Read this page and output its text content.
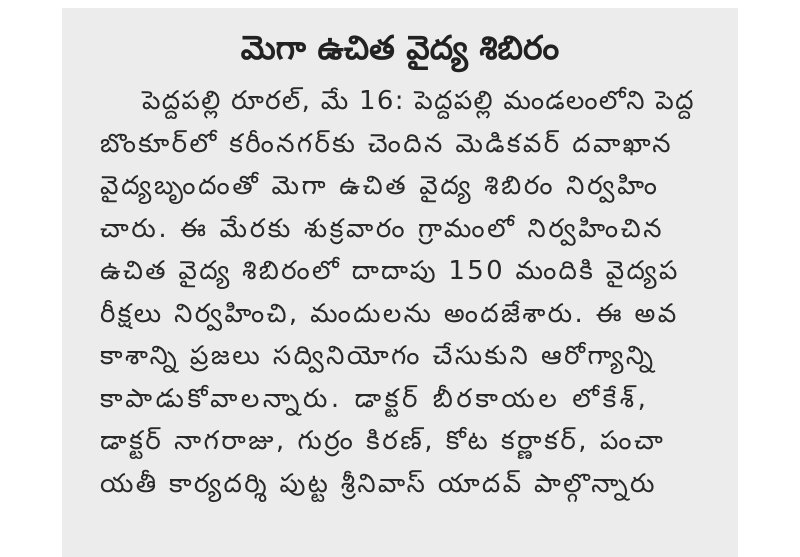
మెగా ఉచిత వైద్య శిబిరం
పెద్దపల్లి రూరల్, మే 16: పెద్దపల్లి మండలంలోని పెద్ద
బొంకూర్‌లో కరీంనగర్‌కు చెందిన మెడికవర్ దవాఖాన
వైద్యబృందంతో మెగా ఉచిత వైద్య శిబిరం నిర్వహిం
చారు. ఈ మేరకు శుక్రవారం గ్రామంలో నిర్వహించిన
ఉచిత వైద్య శిబిరంలో దాదాపు 150 మందికి వైద్యప
రీక్షలు నిర్వహించి, మందులను అందజేశారు. ఈ అవ
కాశాన్ని ప్రజలు సద్వినియోగం చేసుకుని ఆరోగ్యాన్ని
కాపాడుకోవాలన్నారు. డాక్టర్ బీరకాయల లోకేశ్,
డాక్టర్ నాగరాజు, గుర్రం కిరణ్, కోట కర్ణాకర్, పంచా
యతీ కార్యదర్శి పుట్ట శ్రీనివాస్ యాదవ్ పాల్గొన్నారు
